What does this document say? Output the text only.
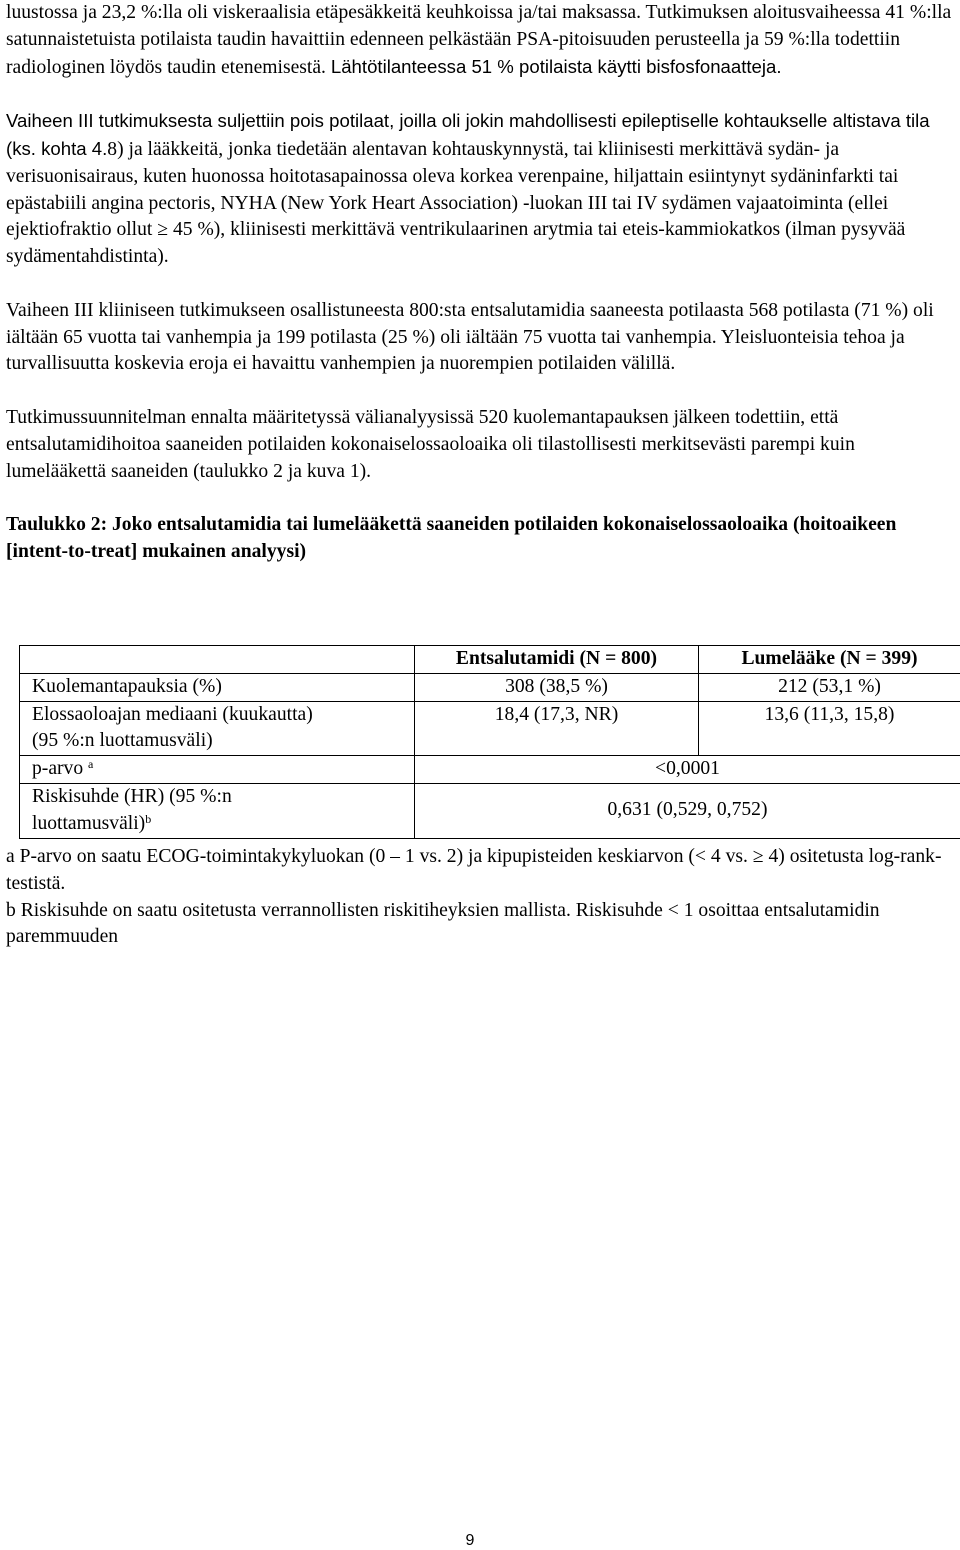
luustossa ja 23,2 %:lla oli viskeraalisia etäpesäkkeitä keuhkoissa ja/tai maksassa. Tutkimuksen aloitusvaiheessa 41 %:lla satunnaistetuista potilaista taudin havaittiin edenneen pelkästään PSA-pitoisuuden perusteella ja 59 %:lla todettiin radiologinen löydös taudin etenemisestä. Lähtötilanteessa 51 % potilaista käytti bisfosfonaatteja.

Vaiheen III tutkimuksesta suljettiin pois potilaat, joilla oli jokin mahdollisesti epileptiselle kohtaukselle altistava tila (ks. kohta 4.8) ja lääkkeitä, jonka tiedetään alentavan kohtauskynnystä, tai kliinisesti merkittävä sydän- ja verisuonisairaus, kuten huonossa hoitotasapainossa oleva korkea verenpaine, hiljattain esiintynyt sydäninfarkti tai epästabiili angina pectoris, NYHA (New York Heart Association) -luokan III tai IV sydämen vajaatoiminta (ellei ejektiofraktio ollut ≥ 45 %), kliinisesti merkittävä ventrikulaarinen arytmia tai eteis-kammiokatkos (ilman pysyvää sydämentahdistinta).

Vaiheen III kliiniseen tutkimukseen osallistuneesta 800:sta entsalutamidia saaneesta potilaasta 568 potilasta (71 %) oli iältään 65 vuotta tai vanhempia ja 199 potilasta (25 %) oli iältään 75 vuotta tai vanhempia. Yleisluonteisia tehoa ja turvallisuutta koskevia eroja ei havaittu vanhempien ja nuorempien potilaiden välillä.

Tutkimussuunnitelman ennalta määritetyssä välianalyysissä 520 kuolemantapauksen jälkeen todettiin, että entsalutamidihoitoa saaneiden potilaiden kokonaiselossaoloaika oli tilastollisesti merkitsevästi parempi kuin lumelääkettä saaneiden (taulukko 2 ja kuva 1).

Taulukko 2: Joko entsalutamidia tai lumelääkettä saaneiden potilaiden kokonaiselossaoloaika (hoitoaikeen [intent-to-treat] mukainen analyysi)

	Entsalutamidi (N = 800)	Lumelääke (N = 399)
Kuolemantapauksia (%)	308 (38,5 %)	212 (53,1 %)
Elossaoloajan mediaani (kuukautta)
(95 %:n luottamusväli)	18,4 (17,3, NR)	13,6 (11,3, 15,8)
p-arvo $^a$	<0,0001	
Riskisuhde (HR) (95 %:n
luottamusväli)$^b$	0,631 (0,529, 0,752)	

a P-arvo on saatu ECOG-toimintakykyluokan (0 – 1 vs. 2) ja kipupisteiden keskiarvon (< 4 vs. ≥ 4) ositetusta log-rank-testistä.

b Riskisuhde on saatu ositetusta verrannollisten riskitiheyksien mallista. Riskisuhde < 1 osoittaa entsalutamidin paremmuuden

9
